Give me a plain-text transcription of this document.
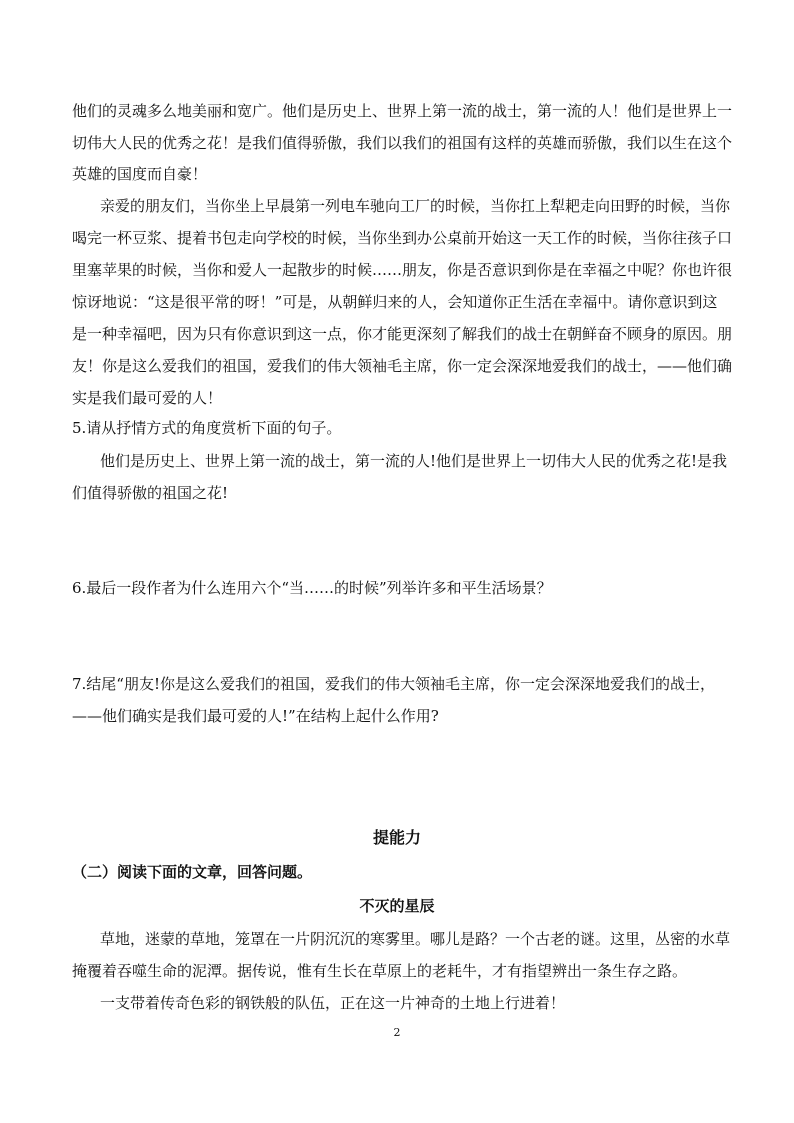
他们的灵魂多么地美丽和宽广。他们是历史上、世界上第一流的战士，第一流的人！他们是世界上一
切伟大人民的优秀之花！是我们值得骄傲，我们以我们的祖国有这样的英雄而骄傲，我们以生在这个
英雄的国度而自豪！
亲爱的朋友们，当你坐上早晨第一列电车驰向工厂的时候，当你扛上犁耙走向田野的时候，当你
喝完一杯豆浆、提着书包走向学校的时候，当你坐到办公桌前开始这一天工作的时候，当你往孩子口
里塞苹果的时候，当你和爱人一起散步的时候……朋友，你是否意识到你是在幸福之中呢？你也许很
惊讶地说：“这是很平常的呀！”可是，从朝鲜归来的人，会知道你正生活在幸福中。请你意识到这
是一种幸福吧，因为只有你意识到这一点，你才能更深刻了解我们的战士在朝鲜奋不顾身的原因。朋
友！你是这么爱我们的祖国，爱我们的伟大领袖毛主席，你一定会深深地爱我们的战士，——他们确
实是我们最可爱的人！
5.请从抒情方式的角度赏析下面的句子。
他们是历史上、世界上第一流的战士，第一流的人!他们是世界上一切伟大人民的优秀之花!是我
们值得骄傲的祖国之花!
6.最后一段作者为什么连用六个“当……的时候”列举许多和平生活场景？
7.结尾“朋友!你是这么爱我们的祖国，爱我们的伟大领袖毛主席，你一定会深深地爱我们的战士，
——他们确实是我们最可爱的人!”在结构上起什么作用?
提能力
（二）阅读下面的文章，回答问题。
不灭的星辰
草地，迷蒙的草地，笼罩在一片阴沉沉的寒雾里。哪儿是路？一个古老的谜。这里，丛密的水草
掩覆着吞噬生命的泥潭。据传说，惟有生长在草原上的老耗牛，才有指望辨出一条生存之路。
一支带着传奇色彩的钢铁般的队伍，正在这一片神奇的土地上行进着！
2
